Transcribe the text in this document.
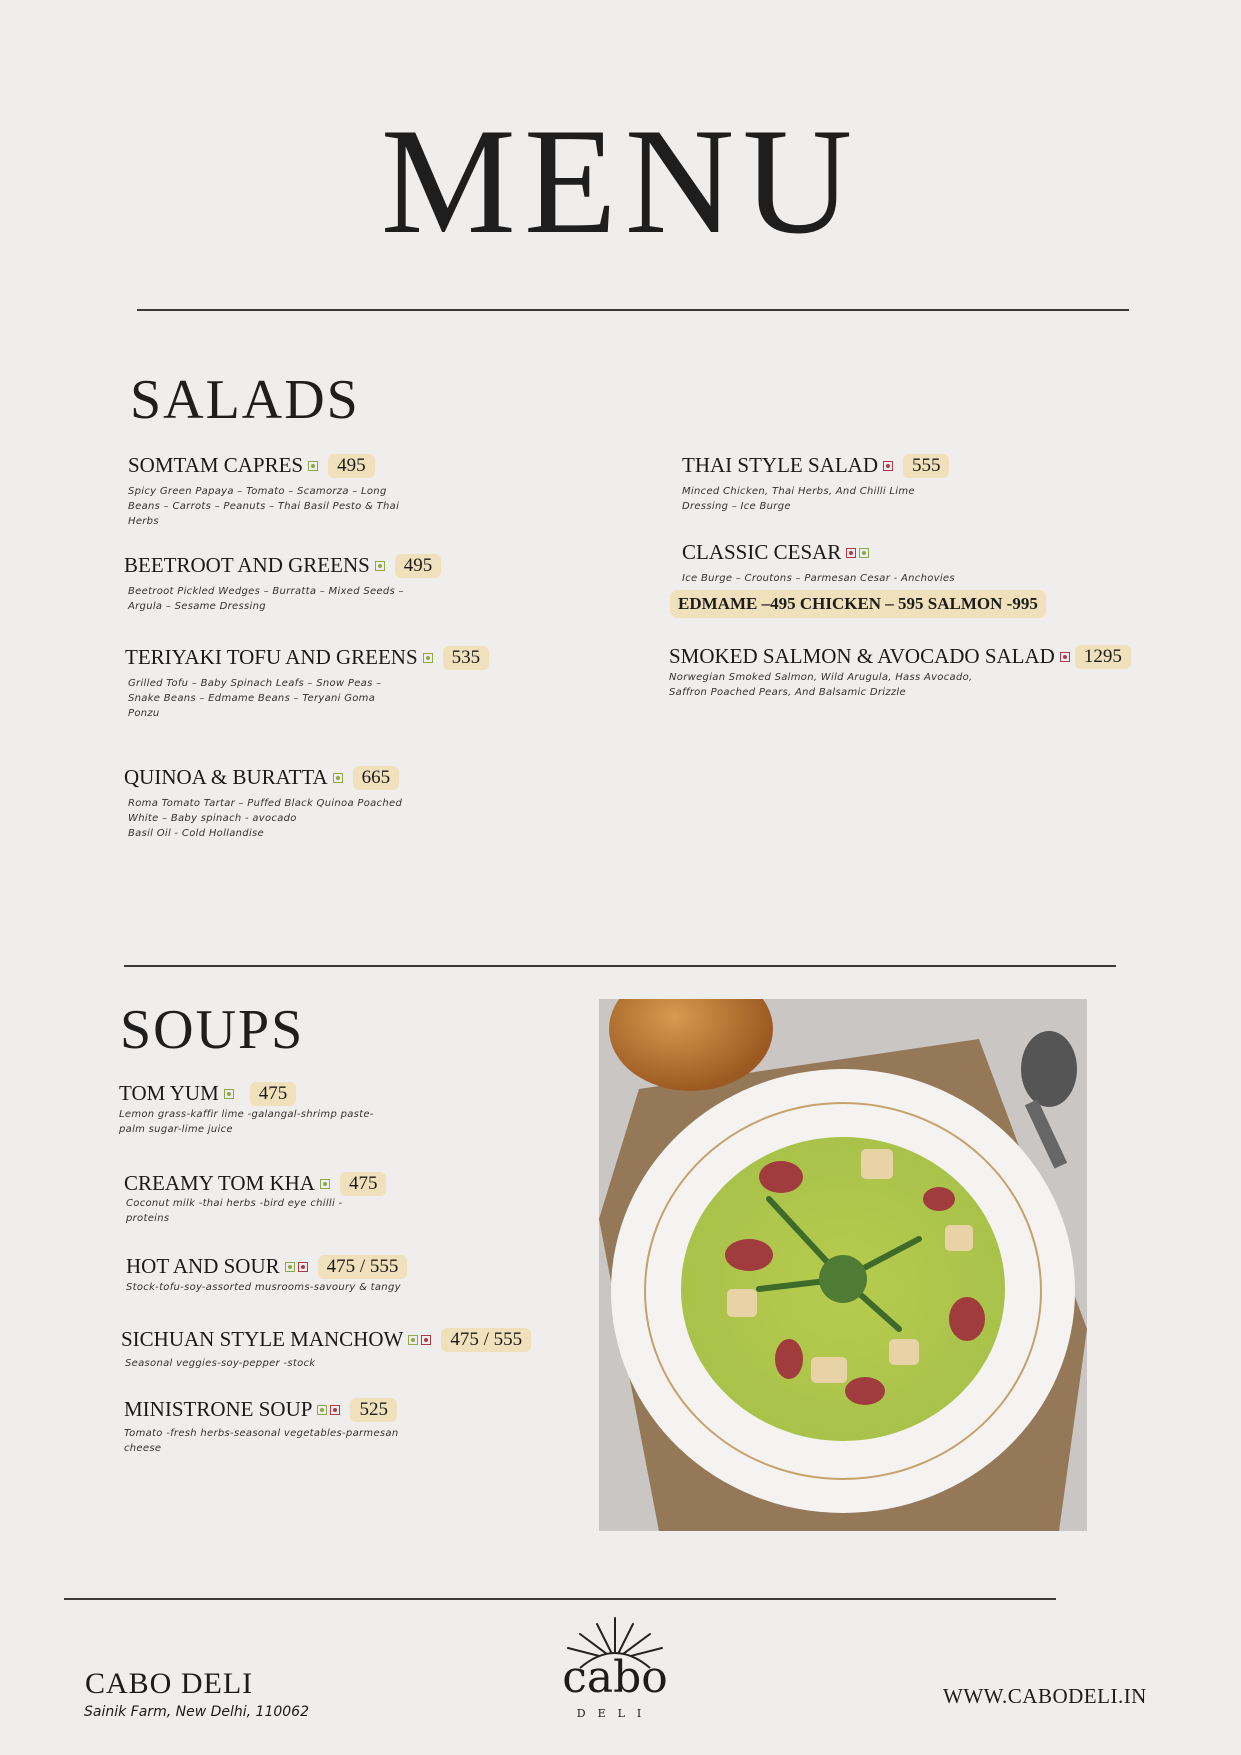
MENU
SALADS
SOMTAM CAPRES	495
Spicy Green Papaya – Tomato – Scamorza – Long
Beans – Carrots – Peanuts – Thai Basil Pesto & Thai
Herbs
BEETROOT AND GREENS	495
Beetroot Pickled Wedges – Burratta – Mixed Seeds –
Argula – Sesame Dressing
TERIYAKI TOFU AND GREENS	535
Grilled Tofu – Baby Spinach Leafs – Snow Peas –
Snake Beans – Edmame Beans – Teryani Goma
Ponzu
QUINOA & BURATTA	665
Roma Tomato Tartar – Puffed Black Quinoa Poached
White – Baby spinach - avocado
Basil Oil - Cold Hollandise
THAI STYLE SALAD	555
Minced Chicken, Thai Herbs, And Chilli Lime
Dressing – Ice Burge
CLASSIC CESAR
Ice Burge – Croutons – Parmesan Cesar - Anchovies
EDMAME –495 CHICKEN – 595 SALMON -995
SMOKED SALMON & AVOCADO SALAD	1295
Norwegian Smoked Salmon, Wild Arugula, Hass Avocado,
Saffron Poached Pears, And Balsamic Drizzle
SOUPS
TOM YUM	475
Lemon grass-kaffir lime -galangal-shrimp paste-
palm sugar-lime juice
CREAMY TOM KHA	475
Coconut milk -thai herbs -bird eye chilli -
proteins
HOT AND SOUR	475 / 555
Stock-tofu-soy-assorted musrooms-savoury & tangy
SICHUAN STYLE MANCHOW	475 / 555
Seasonal veggies-soy-pepper -stock
MINISTRONE SOUP	525
Tomato -fresh herbs-seasonal vegetables-parmesan
cheese
CABO DELI
Sainik Farm, New Delhi, 110062
cabo
DELI
WWW.CABODELI.IN
